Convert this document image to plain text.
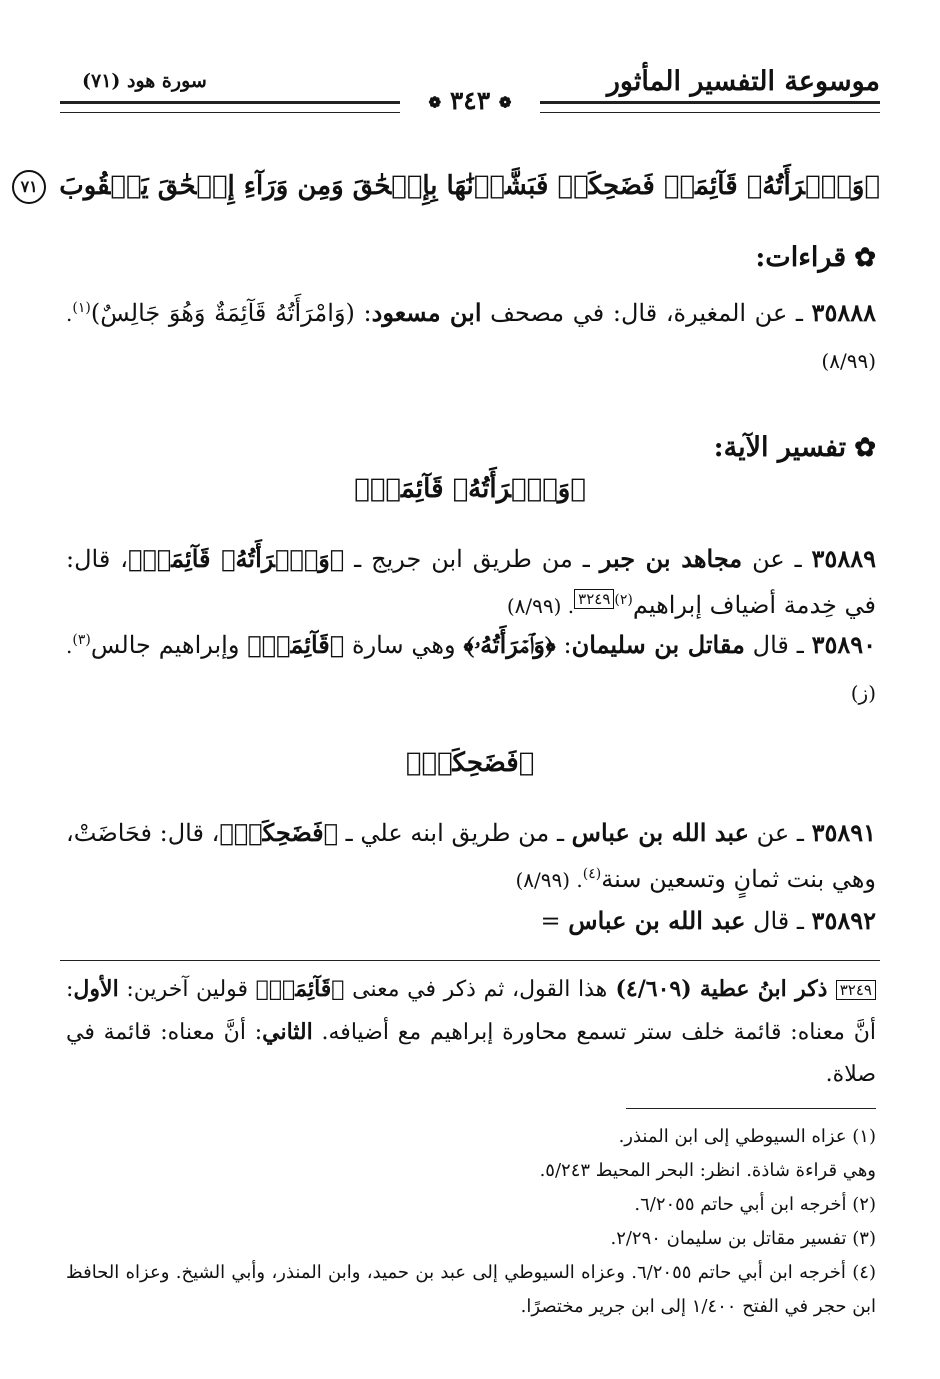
موسوعة التفسير المأثور
سورة هود (٧١)
❁ ٣٤٣ ❁
﴿وَٱمۡرَأَتُهُۥ قَآئِمَةٞ فَضَحِكَتۡ فَبَشَّرۡنَٰهَا بِإِسۡحَٰقَ وَمِن وَرَآءِ إِسۡحَٰقَ يَعۡقُوبَ ٧١
✿قراءات:
٣٥٨٨٨ ـ عن المغيرة، قال: في مصحف ابن مسعود: (وَامْرَأَتُهُ قَآئِمَةٌ وَهُوَ جَالِسٌ)$^{(١)}$. (٨/٩٩)
✿تفسير الآية:
﴿وَٱمۡرَأَتُهُۥ قَآئِمَةٞ﴾
٣٥٨٨٩ ـ عن مجاهد بن جبر ـ من طريق ابن جريج ـ ﴿وَٱمۡرَأَتُهُۥ قَآئِمَةٞ﴾، قال: في خِدمة أضياف إبراهيم$^{(٢)}$٣٢٤٩. (٨/٩٩)
٣٥٨٩٠ ـ قال مقاتل بن سليمان: ﴿وَٱمۡرَأَتُهُۥ﴾ وهي سارة ﴿قَآئِمَةٞ﴾ وإبراهيم جالس$^{(٣)}$. (ز)
﴿فَضَحِكَتۡ﴾
٣٥٨٩١ ـ عن عبد الله بن عباس ـ من طريق ابنه علي ـ ﴿فَضَحِكَتۡ﴾، قال: فحَاضَتْ، وهي بنت ثمانٍ وتسعين سنة$^{(٤)}$. (٨/٩٩)
٣٥٨٩٢ ـ قال عبد الله بن عباس =
٣٢٤٩ ذكر ابنُ عطية (٤/٦٠٩) هذا القول، ثم ذكر في معنى ﴿قَآئِمَةٞ﴾ قولين آخرين: الأول: أنَّ معناه: قائمة خلف ستر تسمع محاورة إبراهيم مع أضيافه. الثاني: أنَّ معناه: قائمة في صلاة.
(١) عزاه السيوطي إلى ابن المنذر.
وهي قراءة شاذة. انظر: البحر المحيط ٥/٢٤٣.
(٢) أخرجه ابن أبي حاتم ٦/٢٠٥٥.
(٣) تفسير مقاتل بن سليمان ٢/٢٩٠.
(٤) أخرجه ابن أبي حاتم ٦/٢٠٥٥. وعزاه السيوطي إلى عبد بن حميد، وابن المنذر، وأبي الشيخ. وعزاه الحافظ ابن حجر في الفتح ١/٤٠٠ إلى ابن جرير مختصرًا.
